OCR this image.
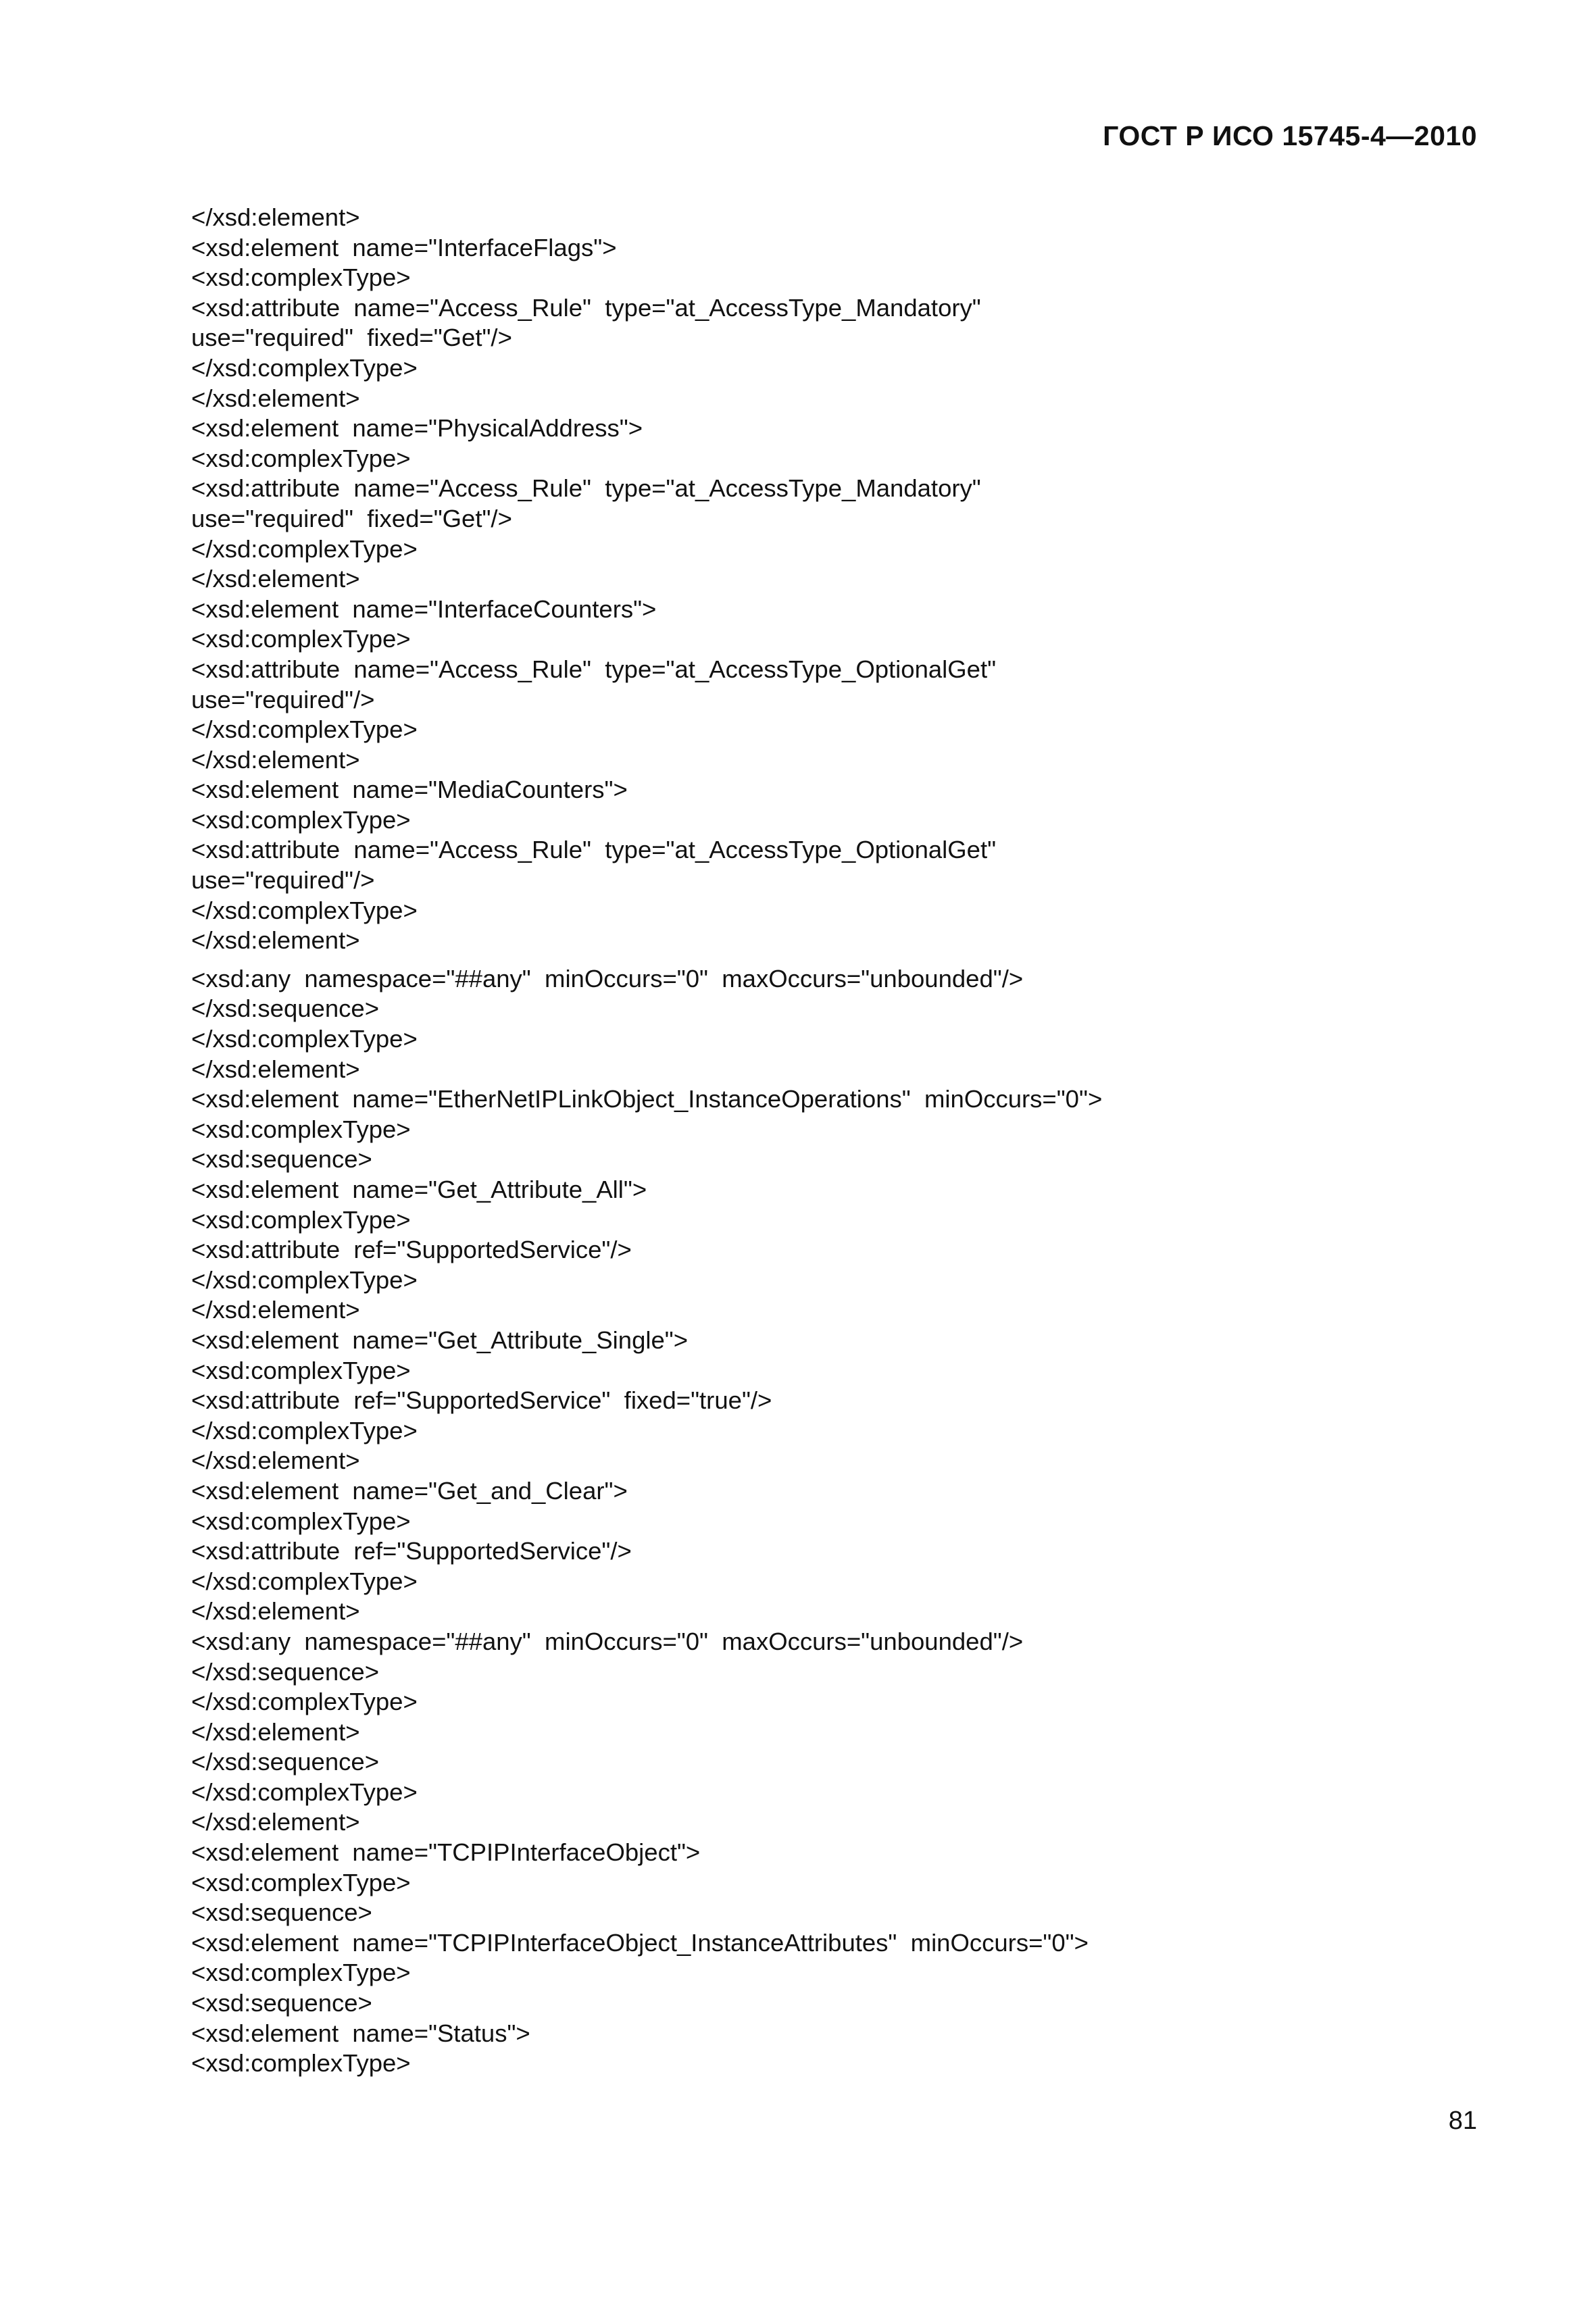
ГОСТ Р ИСО 15745-4—2010
</xsd:element>
<xsd:element  name="InterfaceFlags">
<xsd:complexType>
<xsd:attribute  name="Access_Rule"  type="at_AccessType_Mandatory"
use="required"  fixed="Get"/>
</xsd:complexType>
</xsd:element>
<xsd:element  name="PhysicalAddress">
<xsd:complexType>
<xsd:attribute  name="Access_Rule"  type="at_AccessType_Mandatory"
use="required"  fixed="Get"/>
</xsd:complexType>
</xsd:element>
<xsd:element  name="InterfaceCounters">
<xsd:complexType>
<xsd:attribute  name="Access_Rule"  type="at_AccessType_OptionalGet"
use="required"/>
</xsd:complexType>
</xsd:element>
<xsd:element  name="MediaCounters">
<xsd:complexType>
<xsd:attribute  name="Access_Rule"  type="at_AccessType_OptionalGet"
use="required"/>
</xsd:complexType>
</xsd:element>
<xsd:any  namespace="##any"  minOccurs="0"  maxOccurs="unbounded"/>
</xsd:sequence>
</xsd:complexType>
</xsd:element>
<xsd:element  name="EtherNetIPLinkObject_InstanceOperations"  minOccurs="0">
<xsd:complexType>
<xsd:sequence>
<xsd:element  name="Get_Attribute_All">
<xsd:complexType>
<xsd:attribute  ref="SupportedService"/>
</xsd:complexType>
</xsd:element>
<xsd:element  name="Get_Attribute_Single">
<xsd:complexType>
<xsd:attribute  ref="SupportedService"  fixed="true"/>
</xsd:complexType>
</xsd:element>
<xsd:element  name="Get_and_Clear">
<xsd:complexType>
<xsd:attribute  ref="SupportedService"/>
</xsd:complexType>
</xsd:element>
<xsd:any  namespace="##any"  minOccurs="0"  maxOccurs="unbounded"/>
</xsd:sequence>
</xsd:complexType>
</xsd:element>
</xsd:sequence>
</xsd:complexType>
</xsd:element>
<xsd:element  name="TCPIPInterfaceObject">
<xsd:complexType>
<xsd:sequence>
<xsd:element  name="TCPIPInterfaceObject_InstanceAttributes"  minOccurs="0">
<xsd:complexType>
<xsd:sequence>
<xsd:element  name="Status">
<xsd:complexType>
81
